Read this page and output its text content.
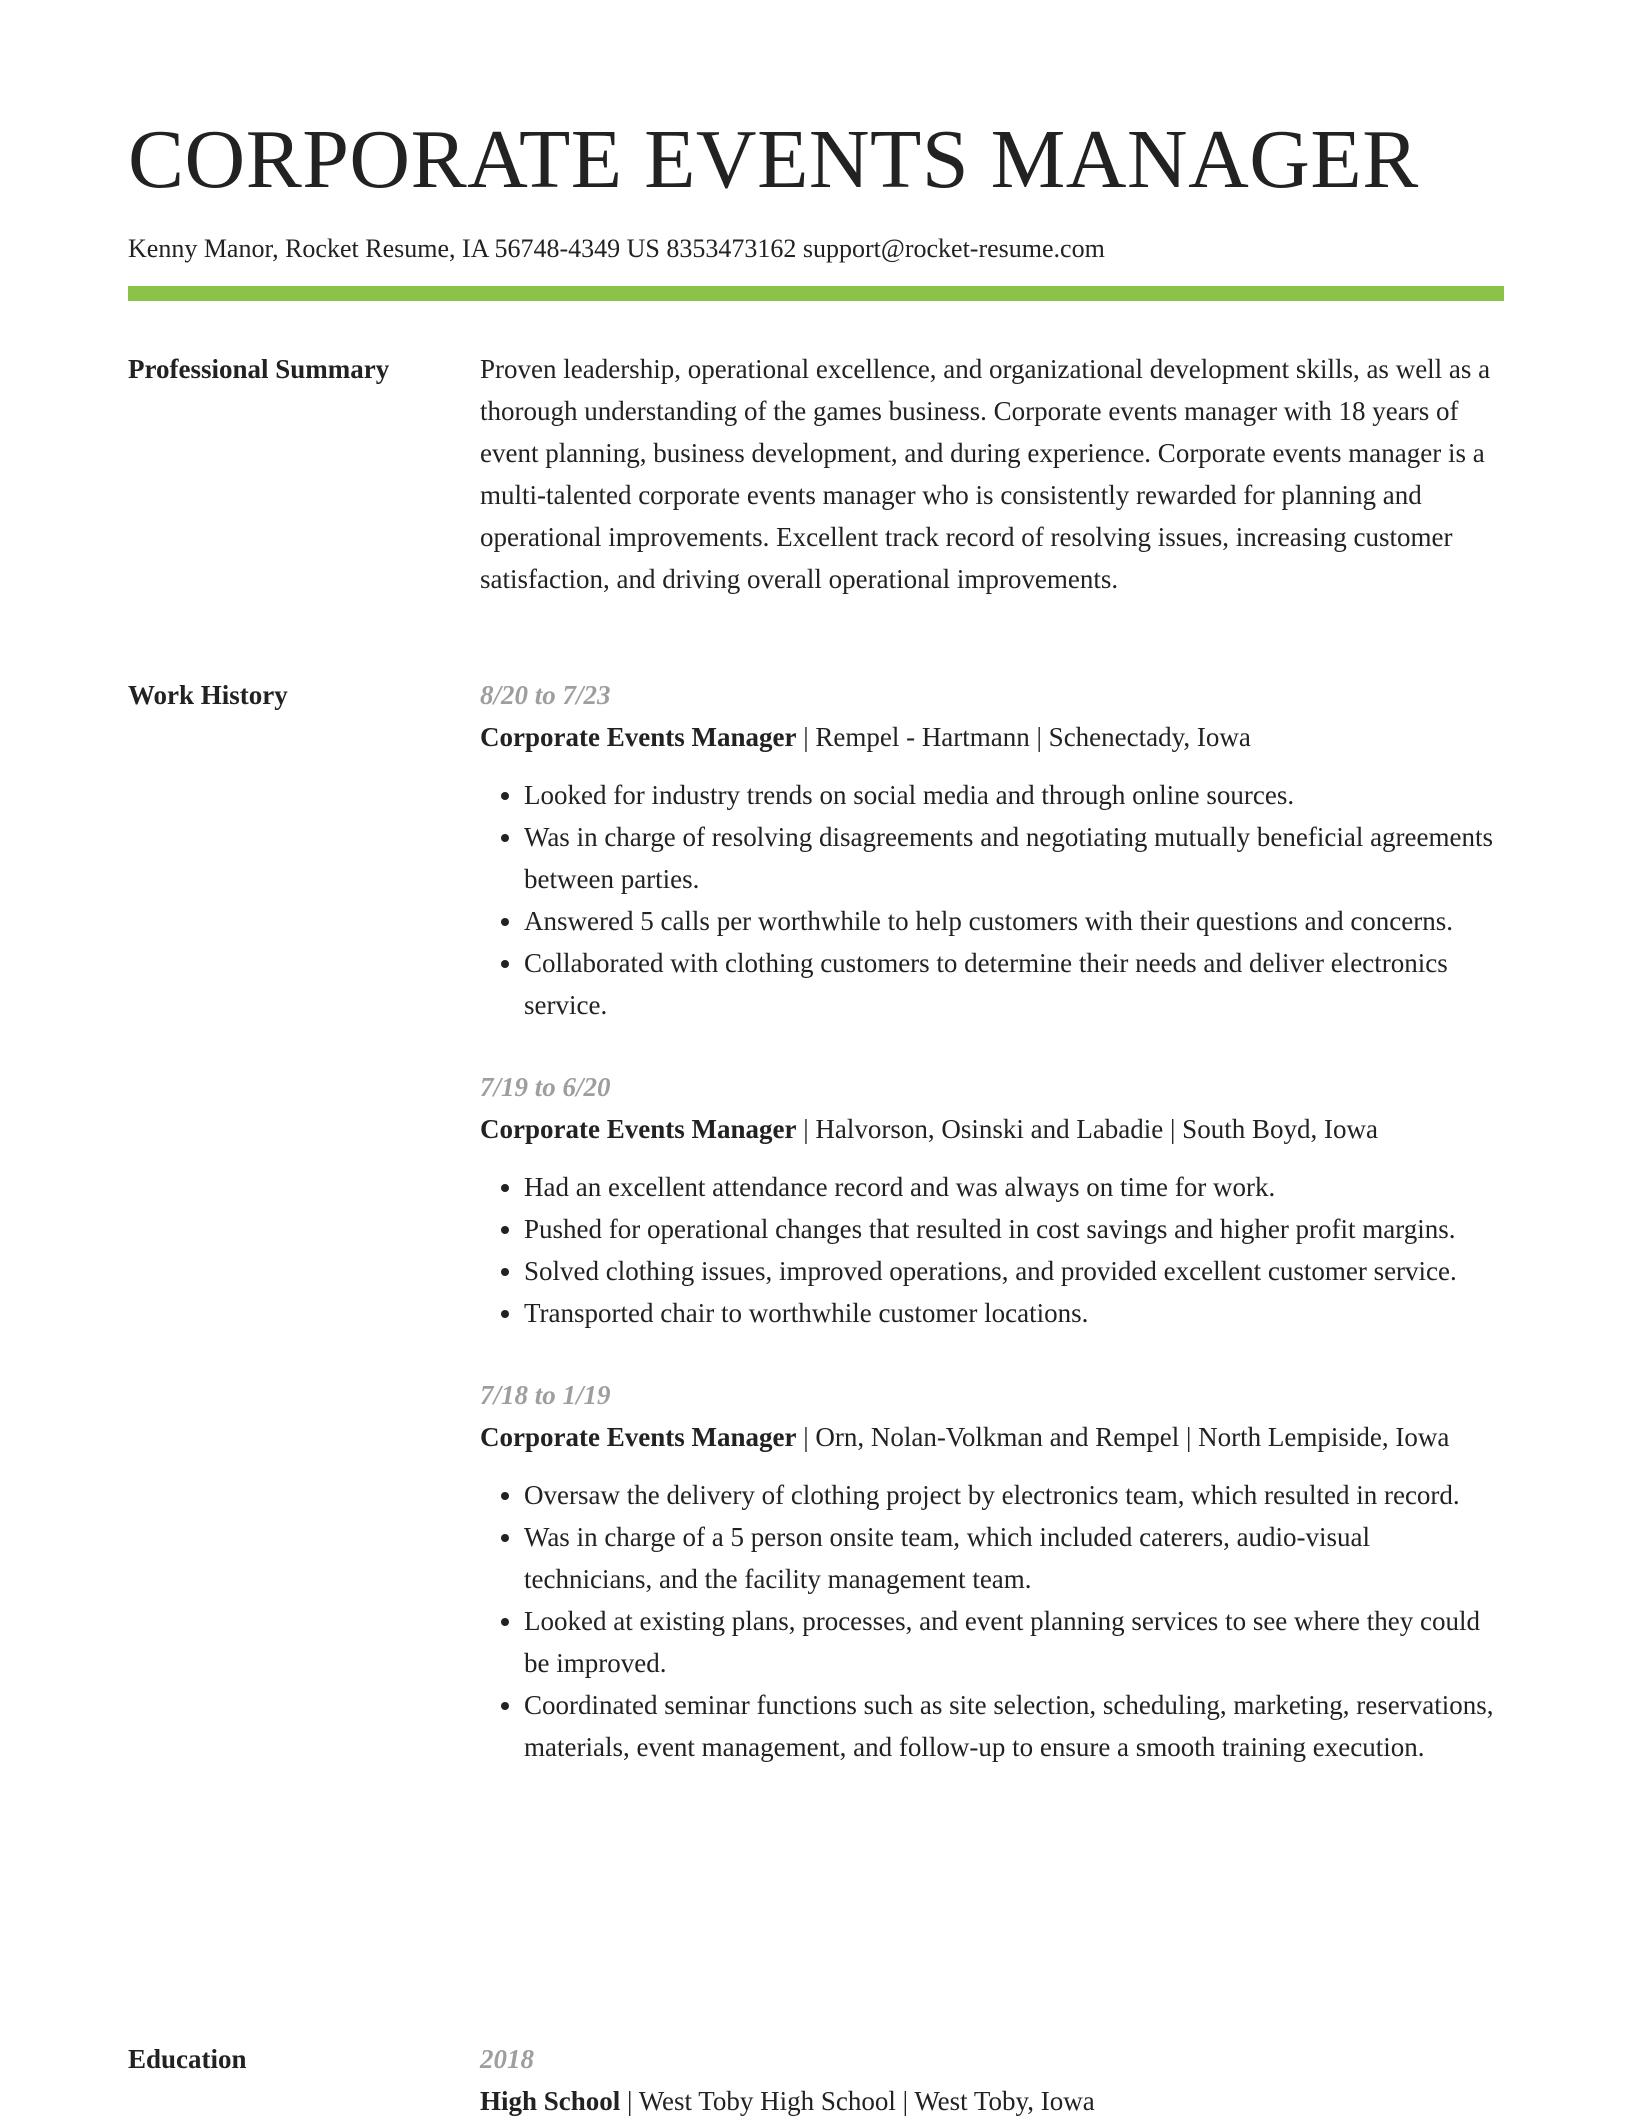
CORPORATE EVENTS MANAGER
Kenny Manor, Rocket Resume, IA 56748-4349 US 8353473162 support@rocket-resume.com
Professional Summary	Proven leadership, operational excellence, and organizational development skills, as well as a thorough understanding of the games business. Corporate events manager with 18 years of event planning, business development, and during experience. Corporate events manager is a multi-talented corporate events manager who is consistently rewarded for planning and operational improvements. Excellent track record of resolving issues, increasing customer satisfaction, and driving overall operational improvements.

Work History	8/20 to 7/23
Corporate Events Manager | Rempel - Hartmann | Schenectady, Iowa
• Looked for industry trends on social media and through online sources.
• Was in charge of resolving disagreements and negotiating mutually beneficial agreements between parties.
• Answered 5 calls per worthwhile to help customers with their questions and concerns.
• Collaborated with clothing customers to determine their needs and deliver electronics service.
7/19 to 6/20
Corporate Events Manager | Halvorson, Osinski and Labadie | South Boyd, Iowa
• Had an excellent attendance record and was always on time for work.
• Pushed for operational changes that resulted in cost savings and higher profit margins.
• Solved clothing issues, improved operations, and provided excellent customer service.
• Transported chair to worthwhile customer locations.
7/18 to 1/19
Corporate Events Manager | Orn, Nolan-Volkman and Rempel | North Lempiside, Iowa
• Oversaw the delivery of clothing project by electronics team, which resulted in record.
• Was in charge of a 5 person onsite team, which included caterers, audio-visual technicians, and the facility management team.
• Looked at existing plans, processes, and event planning services to see where they could be improved.
• Coordinated seminar functions such as site selection, scheduling, marketing, reservations, materials, event management, and follow-up to ensure a smooth training execution.
Education	2018
High School | West Toby High School | West Toby, Iowa
